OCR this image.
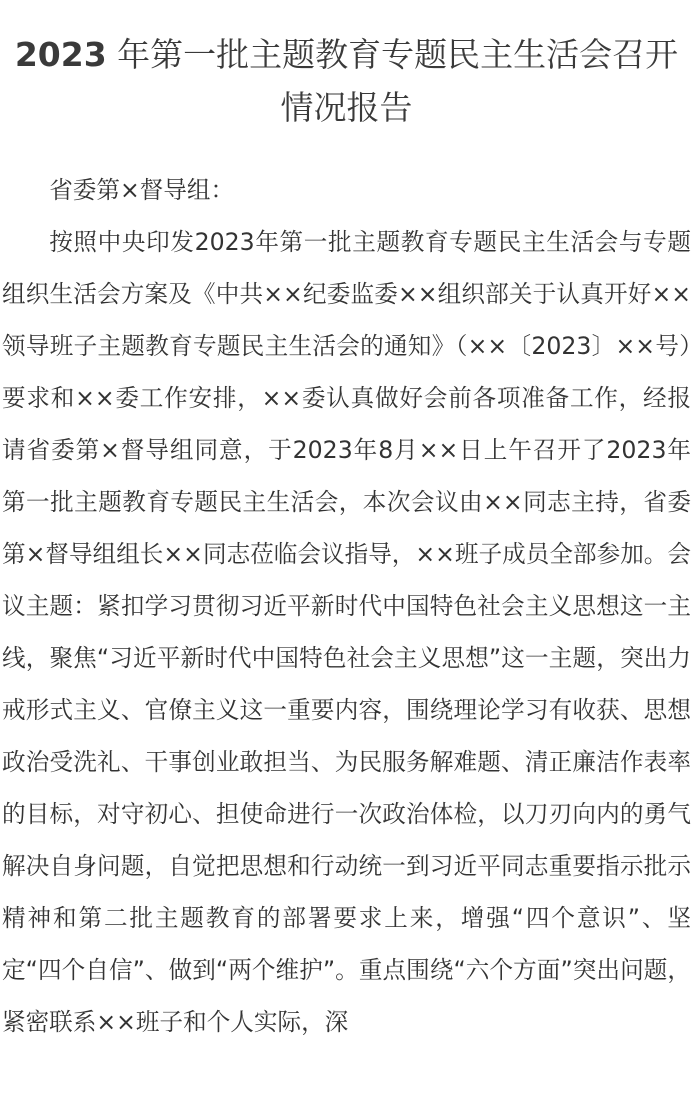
2023 年第一批主题教育专题民主生活会召开情况报告

省委第×督导组：

按照中央印发2023年第一批主题教育专题民主生活会与专题组织生活会方案及《中共××纪委监委××组织部关于认真开好××领导班子主题教育专题民主生活会的通知》（××〔2023〕××号）要求和××委工作安排，××委认真做好会前各项准备工作，经报请省委第×督导组同意，于2023年8月××日上午召开了2023年第一批主题教育专题民主生活会，本次会议由××同志主持，省委第×督导组组长××同志莅临会议指导，××班子成员全部参加。会议主题：紧扣学习贯彻习近平新时代中国特色社会主义思想这一主线，聚焦“习近平新时代中国特色社会主义思想”这一主题，突出力戒形式主义、官僚主义这一重要内容，围绕理论学习有收获、思想政治受洗礼、干事创业敢担当、为民服务解难题、清正廉洁作表率的目标，对守初心、担使命进行一次政治体检，以刀刃向内的勇气解决自身问题，自觉把思想和行动统一到习近平同志重要指示批示精神和第二批主题教育的部署要求上来，增强“四个意识”、坚定“四个自信”、做到“两个维护”。重点围绕“六个方面”突出问题，紧密联系××班子和个人实际，深
